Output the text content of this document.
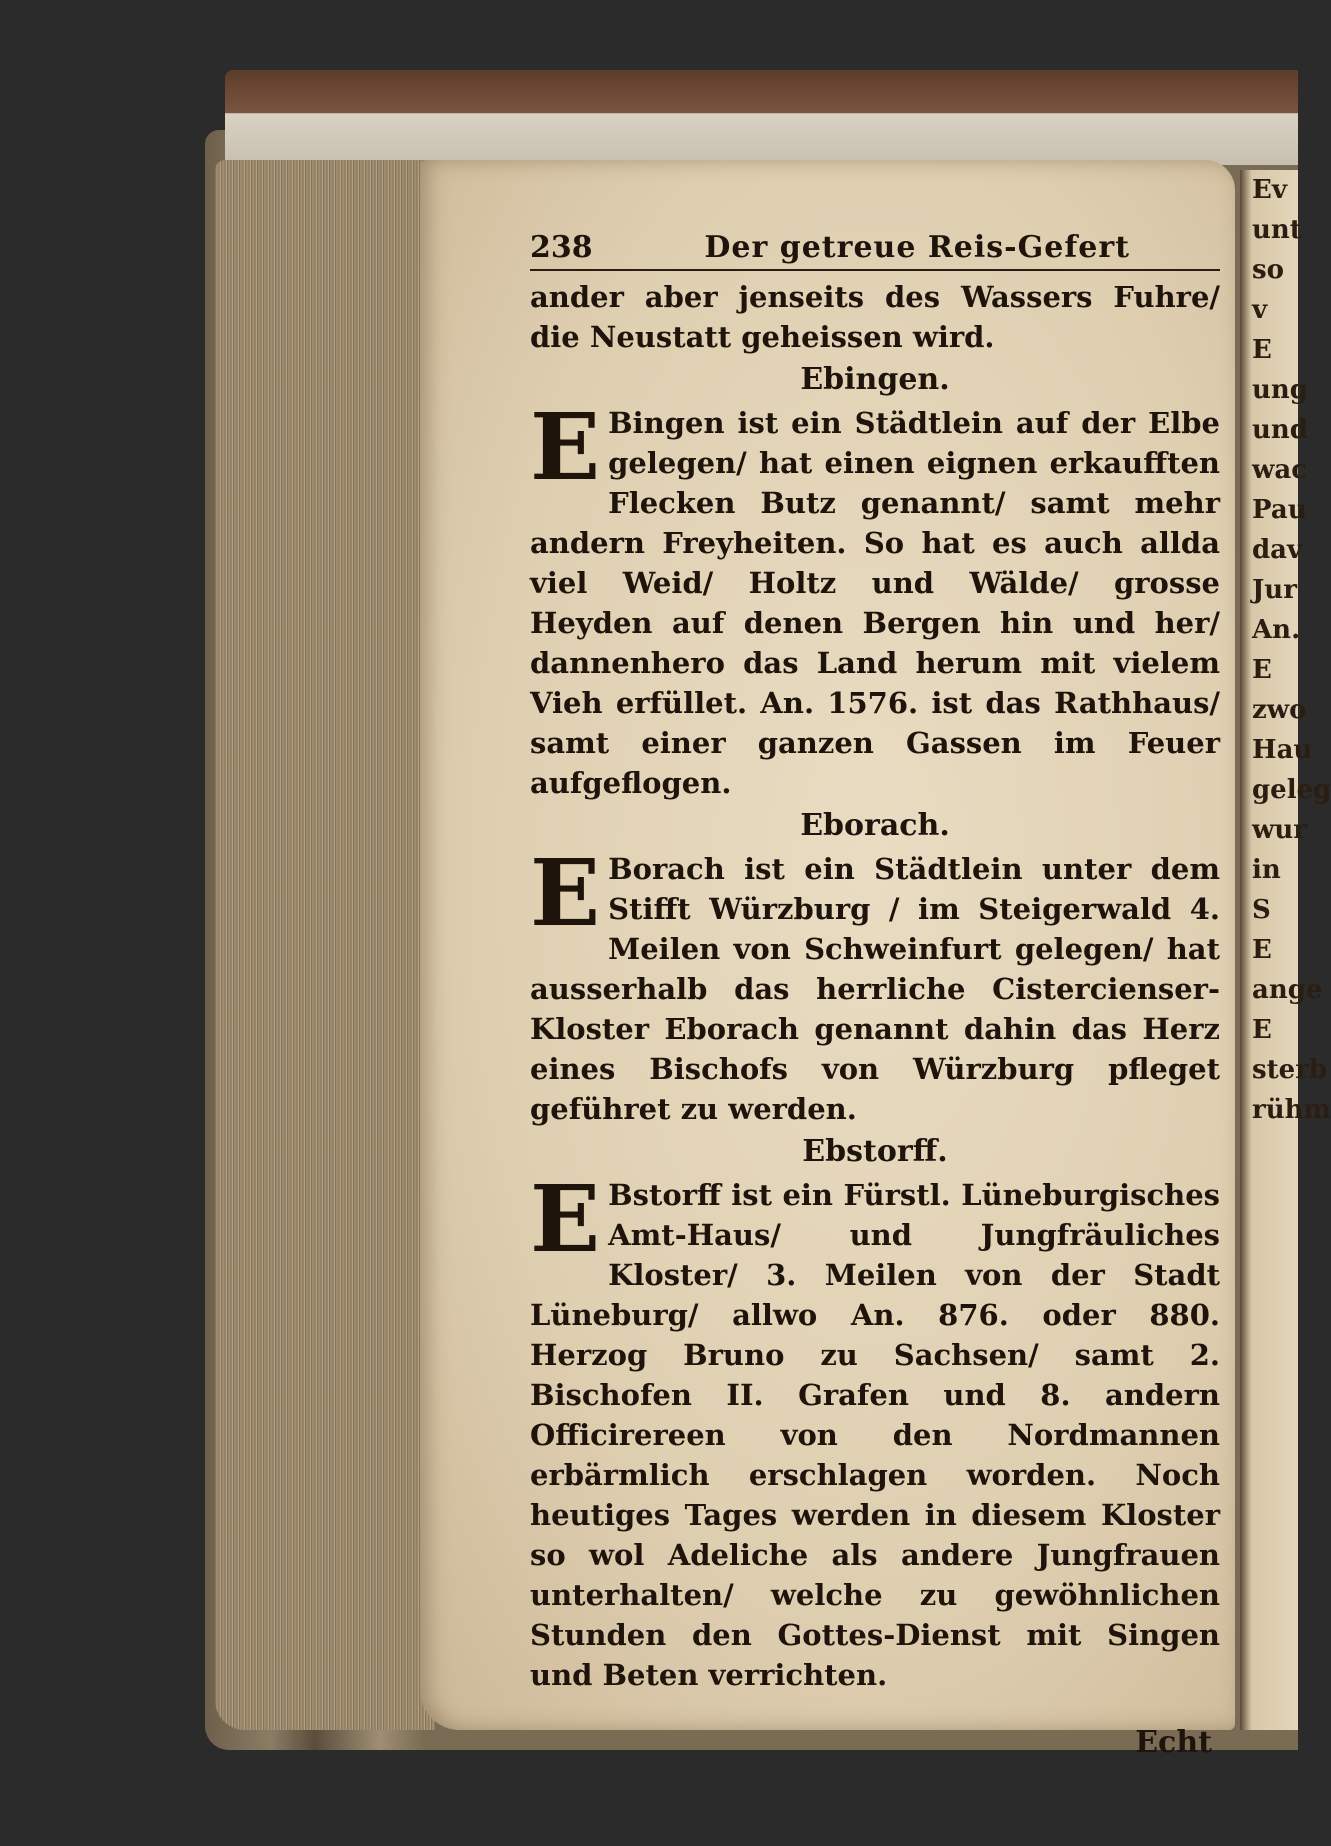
Ev
unt
so v
E
ung
und
wac
Pau
dav
Jur
An.
E
zwo
Hau
geleg
wur
in S
E
ange
E
sterb
rühm
238	Der getreue Reis-Gefert

ander aber jenseits des Wassers Fuhre/ die Neustatt geheissen wird.

Ebingen.

E Bingen ist ein Städtlein auf der Elbe gelegen/ hat einen eignen erkaufften Flecken Butz genannt/ samt mehr andern Freyheiten. So hat es auch allda viel Weid/ Holtz und Wälde/ grosse Heyden auf denen Bergen hin und her/ dannenhero das Land herum mit vielem Vieh erfüllet. An. 1576. ist das Rathhaus/ samt einer ganzen Gassen im Feuer aufgeflogen.

Eborach.

E Borach ist ein Städtlein unter dem Stifft Würzburg / im Steigerwald 4. Meilen von Schweinfurt gelegen/ hat ausserhalb das herrliche Cistercienser-Kloster Eborach genannt dahin das Herz eines Bischofs von Würzburg pfleget geführet zu werden.

Ebstorff.

E Bstorff ist ein Fürstl. Lüneburgisches Amt-Haus/ und Jungfräuliches Kloster/ 3. Meilen von der Stadt Lüneburg/ allwo An. 876. oder 880. Herzog Bruno zu Sachsen/ samt 2. Bischofen II. Grafen und 8. andern Officirereen von den Nordmannen erbärmlich erschlagen worden. Noch heutiges Tages werden in diesem Kloster so wol Adeliche als andere Jungfrauen unterhalten/ welche zu gewöhnlichen Stunden den Gottes-Dienst mit Singen und Beten verrichten.

Echt
